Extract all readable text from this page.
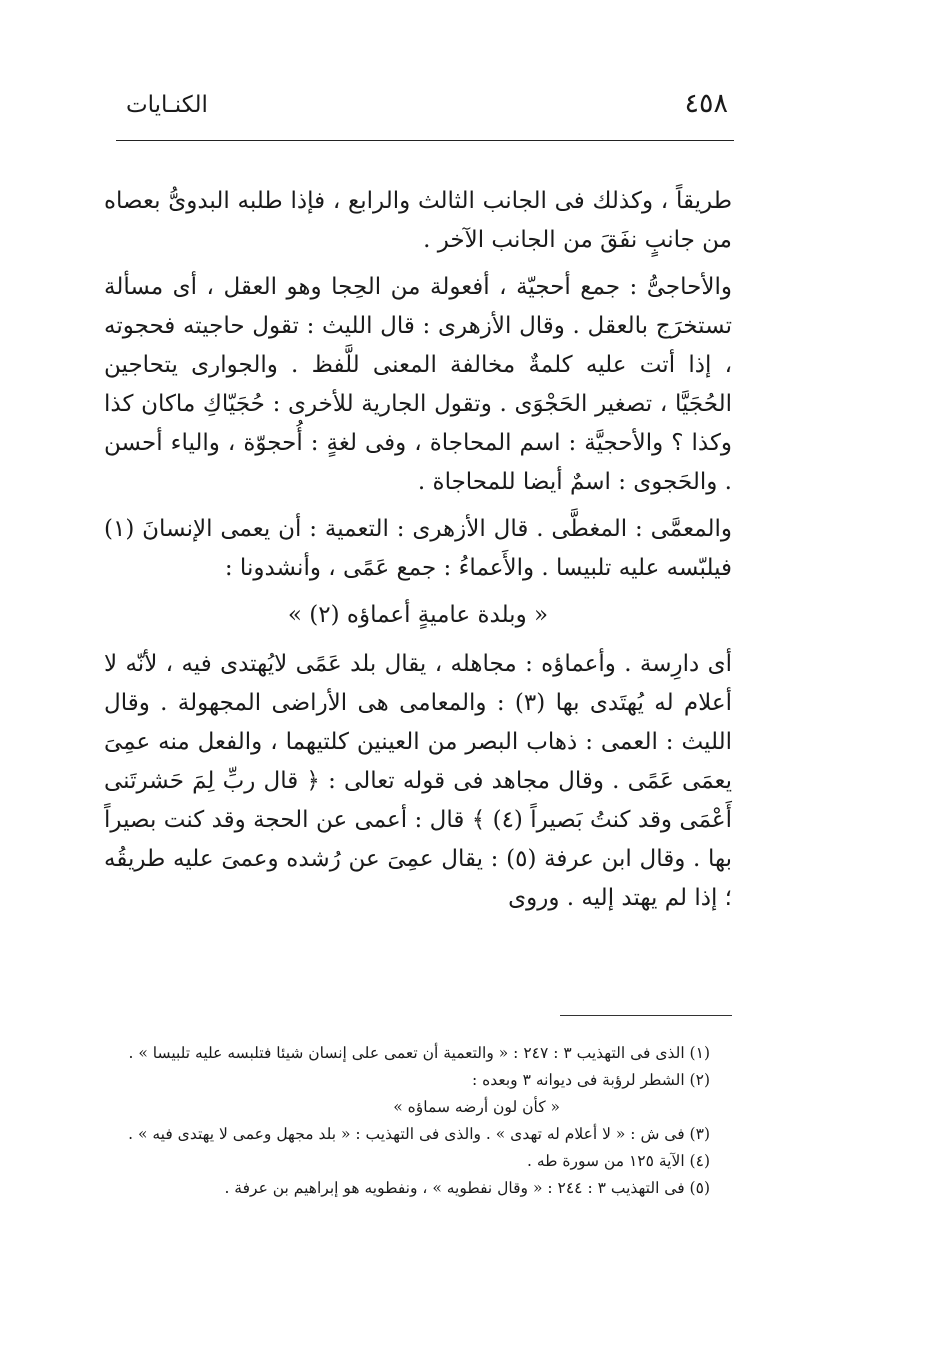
٤٥٨
الكنـايات

طريقاً ، وكذلك فى الجانب الثالث والرابع ، فإذا طلبه البدوىُّ بعصاه من جانبٍ نفَقَ من الجانب الآخر .

والأحاجىُّ : جمع أحجيّة ، أفعولة من الحِجا وهو العقل ، أى مسألة تستخرَج بالعقل . وقال الأزهرى : قال الليث : تقول حاجيته فحجوته ، إذا أتت عليه كلمةٌ مخالفة المعنى للَّفظ . والجوارى يتحاجين الحُجَيَّا ، تصغير الحَجْوَى . وتقول الجارية للأخرى : حُجَيّاكِ ماكان كذا وكذا ؟ والأحجيَّة : اسم المحاجاة ، وفى لغةٍ : أُحجوّة ، والياء أحسن . والحَجوى : اسمٌ أيضا للمحاجاة .

والمعمَّى : المغطَّى . قال الأزهرى : التعمية : أن يعمى الإنسانَ (١) فيلبّسه عليه تلبيسا . والأَعماءُ : جمع عَمًى ، وأنشدونا :

« وبلدة عاميةٍ أعماؤه (٢) »

أى دارِسة . وأعماؤه : مجاهله ، يقال بلد عَمًى لايُهتدى فيه ، لأنّه لا أعلام له يُهتَدى بها (٣) : والمعامى هى الأراضى المجهولة . وقال الليث : العمى : ذهاب البصر من العينين كلتيهما ، والفعل منه عمِىَ يعمَى عَمًى . وقال مجاهد فى قوله تعالى : ﴿ قال ربِّ لِمَ حَشرتَنى أَعْمَى وقد كنتُ بَصيراً (٤) ﴾ قال : أعمى عن الحجة وقد كنت بصيراً بها . وقال ابن عرفة (٥) : يقال عمِىَ عن رُشده وعمىَ عليه طريقُه ؛ إذا لم يهتد إليه . وروى

(١) الذى فى التهذيب ٣ : ٢٤٧ : « والتعمية أن تعمى على إنسان شيئا فتلبسه عليه تلبيسا » .

(٢) الشطر لرؤبة فى ديوانه ٣ وبعده :

« كأن لون أرضه سماؤه »

(٣) فى ش : « لا أعلام له تهدى » . والذى فى التهذيب : « بلد مجهل وعمى لا يهتدى فيه » .

(٤) الآية ١٢٥ من سورة طه .

(٥) فى التهذيب ٣ : ٢٤٤ : « وقال نفطويه » ، ونفطويه هو إبراهيم بن عرفة .
